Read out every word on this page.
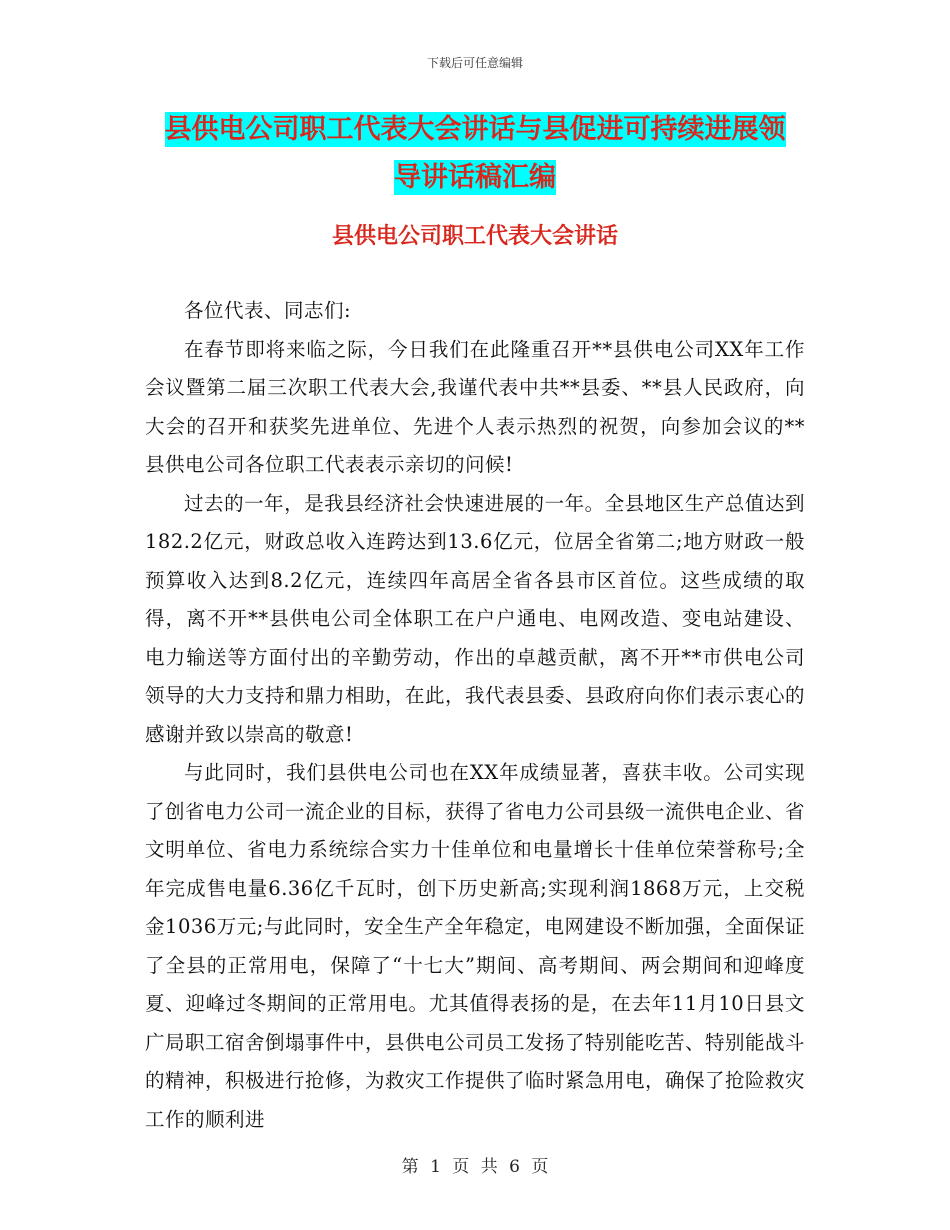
下载后可任意编辑
县供电公司职工代表大会讲话与县促进可持续进展领
导讲话稿汇编
县供电公司职工代表大会讲话

各位代表、同志们:

在春节即将来临之际，今日我们在此隆重召开**县供电公司XX年工作会议暨第二届三次职工代表大会,我谨代表中共**县委、**县人民政府，向大会的召开和获奖先进单位、先进个人表示热烈的祝贺，向参加会议的**县供电公司各位职工代表表示亲切的问候!

过去的一年，是我县经济社会快速进展的一年。全县地区生产总值达到182.2亿元，财政总收入连跨达到13.6亿元，位居全省第二;地方财政一般预算收入达到8.2亿元，连续四年高居全省各县市区首位。这些成绩的取得，离不开**县供电公司全体职工在户户通电、电网改造、变电站建设、电力输送等方面付出的辛勤劳动，作出的卓越贡献，离不开**市供电公司领导的大力支持和鼎力相助，在此，我代表县委、县政府向你们表示衷心的感谢并致以崇高的敬意!

与此同时，我们县供电公司也在XX年成绩显著，喜获丰收。公司实现了创省电力公司一流企业的目标，获得了省电力公司县级一流供电企业、省文明单位、省电力系统综合实力十佳单位和电量增长十佳单位荣誉称号;全年完成售电量6.36亿千瓦时，创下历史新高;实现利润1868万元，上交税金1036万元;与此同时，安全生产全年稳定，电网建设不断加强，全面保证了全县的正常用电，保障了“十七大”期间、高考期间、两会期间和迎峰度夏、迎峰过冬期间的正常用电。尤其值得表扬的是，在去年11月10日县文广局职工宿舍倒塌事件中，县供电公司员工发扬了特别能吃苦、特别能战斗的精神，积极进行抢修，为救灾工作提供了临时紧急用电，确保了抢险救灾工作的顺利进

第 1 页 共 6 页
